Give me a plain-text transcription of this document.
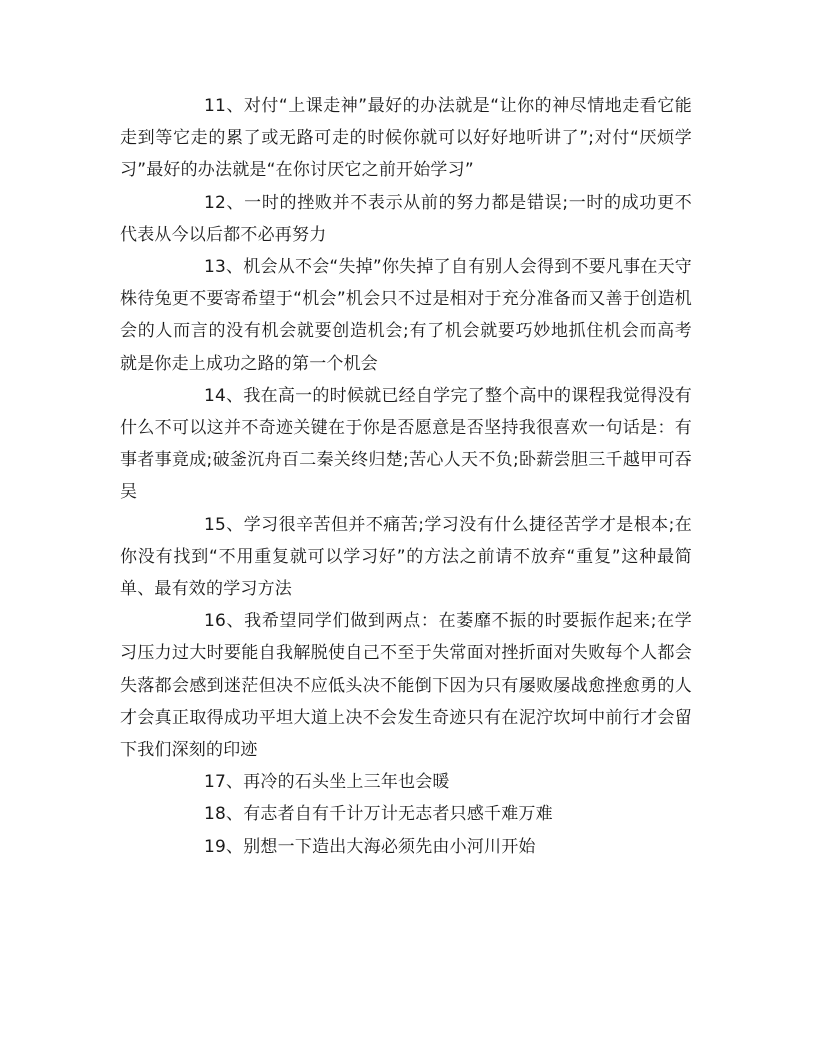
11、对付“上课走神”最好的办法就是“让你的神尽情地走看它能走到等它走的累了或无路可走的时候你就可以好好地听讲了”;对付“厌烦学习”最好的办法就是“在你讨厌它之前开始学习”

12、一时的挫败并不表示从前的努力都是错误;一时的成功更不代表从今以后都不必再努力

13、机会从不会“失掉”你失掉了自有别人会得到不要凡事在天守株待兔更不要寄希望于“机会”机会只不过是相对于充分准备而又善于创造机会的人而言的没有机会就要创造机会;有了机会就要巧妙地抓住机会而高考就是你走上成功之路的第一个机会

14、我在高一的时候就已经自学完了整个高中的课程我觉得没有什么不可以这并不奇迹关键在于你是否愿意是否坚持我很喜欢一句话是：有事者事竟成;破釜沉舟百二秦关终归楚;苦心人天不负;卧薪尝胆三千越甲可吞吴

15、学习很辛苦但并不痛苦;学习没有什么捷径苦学才是根本;在你没有找到“不用重复就可以学习好”的方法之前请不放弃“重复”这种最简单、最有效的学习方法

16、我希望同学们做到两点：在萎靡不振的时要振作起来;在学习压力过大时要能自我解脱使自己不至于失常面对挫折面对失败每个人都会失落都会感到迷茫但决不应低头决不能倒下因为只有屡败屡战愈挫愈勇的人才会真正取得成功平坦大道上决不会发生奇迹只有在泥泞坎坷中前行才会留下我们深刻的印迹

17、再冷的石头坐上三年也会暖

18、有志者自有千计万计无志者只感千难万难

19、别想一下造出大海必须先由小河川开始
